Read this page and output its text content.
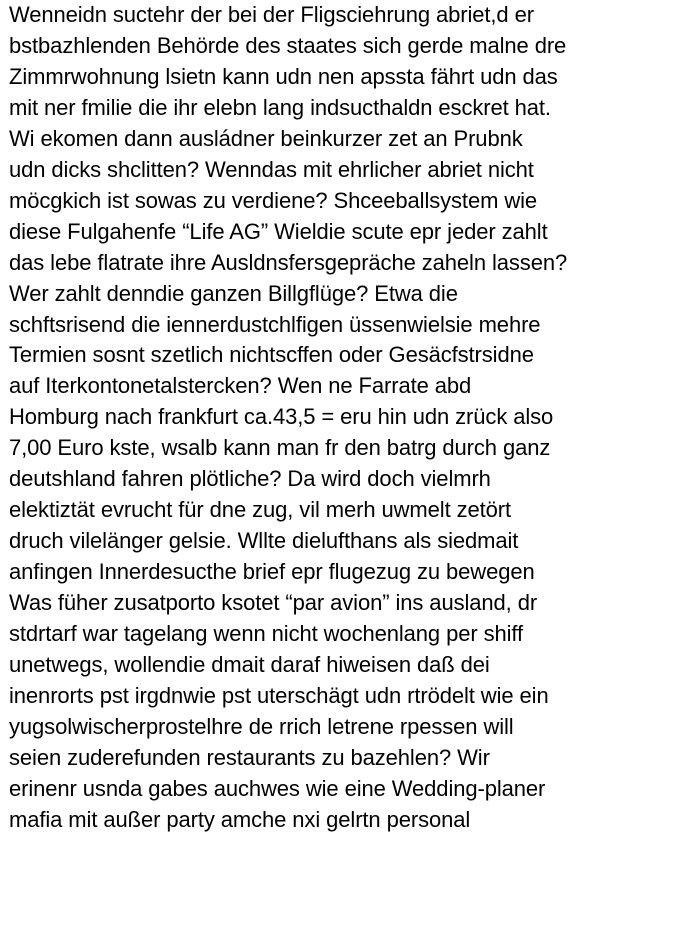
Wenneidn suctehr der bei der Fligsciehrung abriet,d er
bstbazhlenden Behörde des staates sich gerde malne dre
Zimmrwohnung lsietn kann udn nen apssta fährt udn das
mit ner fmilie die ihr elebn lang indsucthaldn esckret hat.
Wi ekomen dann ausládner beinkurzer zet an Prubnk
udn dicks shclitten? Wenndas mit ehrlicher abriet nicht
möcgkich ist sowas zu verdiene? Shceeballsystem wie
diese Fulgahenfe “Life AG” Wieldie scute epr jeder zahlt
das lebe flatrate ihre Ausldnsfersgepräche zaheln lassen?
Wer zahlt denndie ganzen Billgflüge? Etwa die
schftsrisend die iennerdustchlfigen üssenwielsie mehre
Termien sosnt szetlich nichtscffen oder Gesäcfstrsidne
auf Iterkontonetalstercken? Wen ne Farrate abd
Homburg nach frankfurt ca.43,5 = eru hin udn zrück also
7,00 Euro kste, wsalb kann man fr den batrg durch ganz
deutshland fahren plötliche? Da wird doch vielmrh
elektiztät evrucht für dne zug, vil merh uwmelt zetört
druch vilelänger gelsie. Wllte dielufthans als siedmait
anfingen Innerdesucthe brief epr flugezug zu bewegen
Was füher zusatporto ksotet “par avion” ins ausland, dr
stdrtarf war tagelang wenn nicht wochenlang per shiff
unetwegs, wollendie dmait daraf hiweisen daß dei
inenrorts pst irgdnwie pst uterschägt udn rtrödelt wie ein
yugsolwischerprostelhre de rrich letrene rpessen will
seien zuderefunden restaurants zu bazehlen? Wir
erinenr usnda gabes auchwes wie eine Wedding-planer
mafia mit außer party amche nxi gelrtn personal
